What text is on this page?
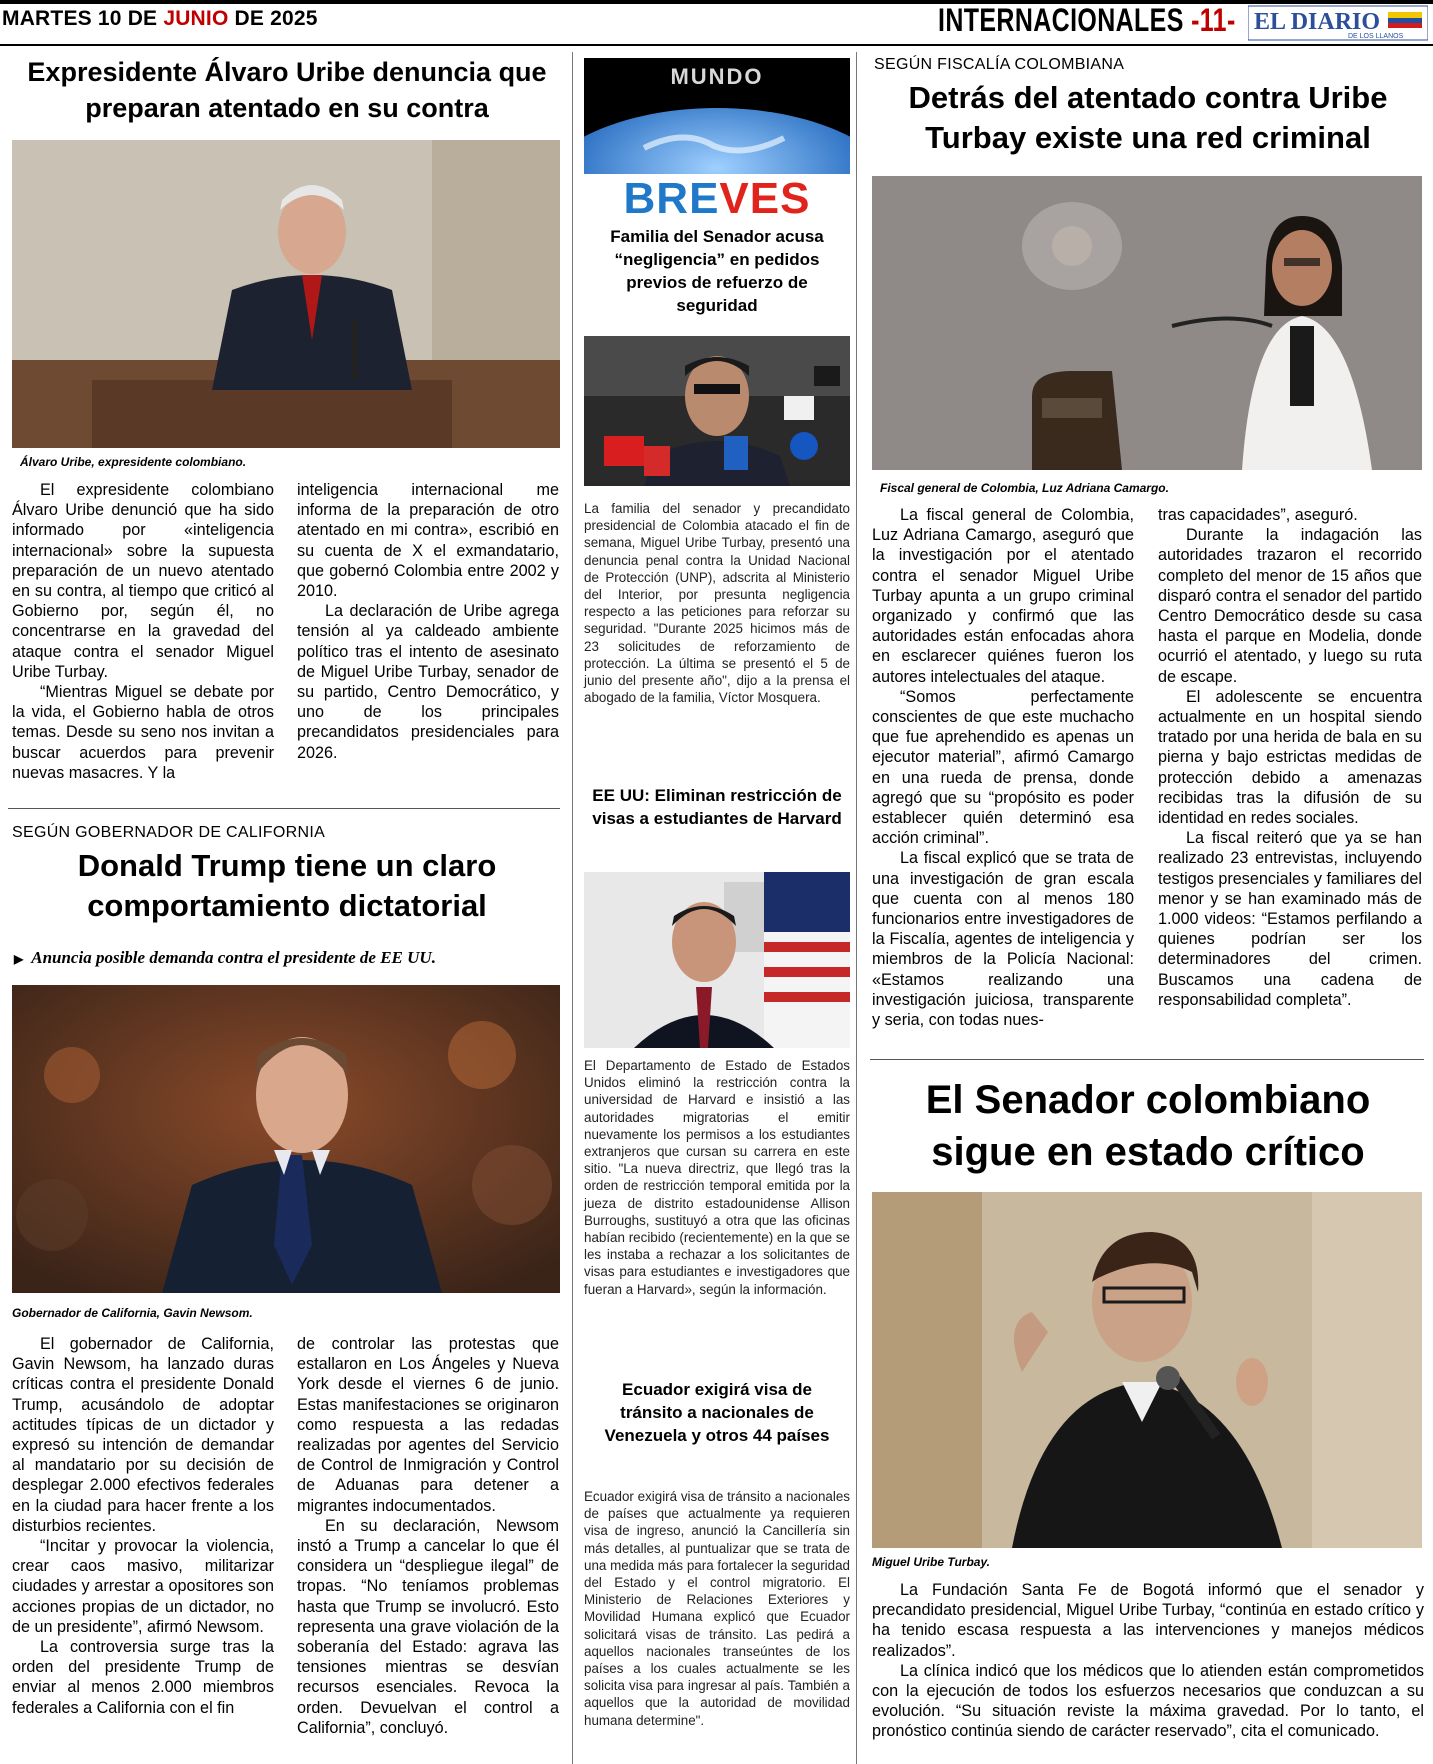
MARTES 10 DE JUNIO DE 2025	INTERNACIONALES -11- EL DIARIO
DE LOS LLANOS
Expresidente Álvaro Uribe denuncia que preparan atentado en su contra
Álvaro Uribe, expresidente colombiano.

El expresidente colombiano Álvaro Uribe denunció que ha sido informado por «inteligencia internacional» sobre la supuesta preparación de un nuevo atentado en su contra, al tiempo que criticó al Gobierno por, según él, no concentrarse en la gravedad del ataque contra el senador Miguel Uribe Turbay.

“Mientras Miguel se debate por la vida, el Gobierno habla de otros temas. Desde su seno nos invitan a buscar acuerdos para prevenir nuevas masacres. Y la

inteligencia internacional me informa de la preparación de otro atentado en mi contra», escribió en su cuenta de X el exmandatario, que gobernó Colombia entre 2002 y 2010.

La declaración de Uribe agrega tensión al ya caldeado ambiente político tras el intento de asesinato de Miguel Uribe Turbay, senador de su partido, Centro Democrático, y uno de los principales precandidatos presidenciales para 2026.

SEGÚN GOBERNADOR DE CALIFORNIA
Donald Trump tiene un claro comportamiento dictatorial
▶ Anuncia posible demanda contra el presidente de EE UU.
Gobernador de California, Gavin Newsom.

El gobernador de California, Gavin Newsom, ha lanzado duras críticas contra el presidente Donald Trump, acusándolo de adoptar actitudes típicas de un dictador y expresó su intención de demandar al mandatario por su decisión de desplegar 2.000 efectivos federales en la ciudad para hacer frente a los disturbios recientes.

“Incitar y provocar la violencia, crear caos masivo, militarizar ciudades y arrestar a opositores son acciones propias de un dictador, no de un presidente”, afirmó Newsom.

La controversia surge tras la orden del presidente Trump de enviar al menos 2.000 miembros federales a California con el fin

de controlar las protestas que estallaron en Los Ángeles y Nueva York desde el viernes 6 de junio. Estas manifestaciones se originaron como respuesta a las redadas realizadas por agentes del Servicio de Control de Inmigración y Control de Aduanas para detener a migrantes indocumentados.

En su declaración, Newsom instó a Trump a cancelar lo que él considera un “despliegue ilegal” de tropas. “No teníamos problemas hasta que Trump se involucró. Esto representa una grave violación de la soberanía del Estado: agrava las tensiones mientras se desvían recursos esenciales. Revoca la orden. Devuelvan el control a California”, concluyó.

MUNDO
BREVES
Familia del Senador acusa “negligencia” en pedidos previos de refuerzo de seguridad

La familia del senador y precandidato presidencial de Colombia atacado el fin de semana, Miguel Uribe Turbay, presentó una denuncia penal contra la Unidad Nacional de Protección (UNP), adscrita al Ministerio del Interior, por presunta negligencia respecto a las peticiones para reforzar su seguridad. "Durante 2025 hicimos más de 23 solicitudes de reforzamiento de protección. La última se presentó el 5 de junio del presente año", dijo a la prensa el abogado de la familia, Víctor Mosquera.

EE UU: Eliminan restricción de visas a estudiantes de Harvard

El Departamento de Estado de Estados Unidos eliminó la restricción contra la universidad de Harvard e insistió a las autoridades migratorias el emitir nuevamente los permisos a los estudiantes extranjeros que cursan su carrera en este sitio. "La nueva directriz, que llegó tras la orden de restricción temporal emitida por la jueza de distrito estadounidense Allison Burroughs, sustituyó a otra que las oficinas habían recibido (recientemente) en la que se les instaba a rechazar a los solicitantes de visas para estudiantes e investigadores que fueran a Harvard», según la información.

Ecuador exigirá visa de tránsito a nacionales de Venezuela y otros 44 países

Ecuador exigirá visa de tránsito a nacionales de países que actualmente ya requieren visa de ingreso, anunció la Cancillería sin más detalles, al puntualizar que se trata de una medida más para fortalecer la seguridad del Estado y el control migratorio. El Ministerio de Relaciones Exteriores y Movilidad Humana explicó que Ecuador solicitará visas de tránsito. Las pedirá a aquellos nacionales transeúntes de los países a los cuales actualmente se les solicita visa para ingresar al país. También a aquellos que la autoridad de movilidad humana determine".

SEGÚN FISCALÍA COLOMBIANA
Detrás del atentado contra Uribe Turbay existe una red criminal
Fiscal general de Colombia, Luz Adriana Camargo.

La fiscal general de Colombia, Luz Adriana Camargo, aseguró que la investigación por el atentado contra el senador Miguel Uribe Turbay apunta a un grupo criminal organizado y confirmó que las autoridades están enfocadas ahora en esclarecer quiénes fueron los autores intelectuales del ataque.

“Somos perfectamente conscientes de que este muchacho que fue aprehendido es apenas un ejecutor material”, afirmó Camargo en una rueda de prensa, donde agregó que su “propósito es poder establecer quién determinó esa acción criminal”.

La fiscal explicó que se trata de una investigación de gran escala que cuenta con al menos 180 funcionarios entre investigadores de la Fiscalía, agentes de inteligencia y miembros de la Policía Nacional: «Estamos realizando una investigación juiciosa, transparente y seria, con todas nues-

tras capacidades”, aseguró.

Durante la indagación las autoridades trazaron el recorrido completo del menor de 15 años que disparó contra el senador del partido Centro Democrático desde su casa hasta el parque en Modelia, donde ocurrió el atentado, y luego su ruta de escape.

El adolescente se encuentra actualmente en un hospital siendo tratado por una herida de bala en su pierna y bajo estrictas medidas de protección debido a amenazas recibidas tras la difusión de su identidad en redes sociales.

La fiscal reiteró que ya se han realizado 23 entrevistas, incluyendo testigos presenciales y familiares del menor y se han examinado más de 1.000 videos: “Estamos perfilando a quienes podrían ser los determinadores del crimen. Buscamos una cadena de responsabilidad completa”.

El Senador colombiano sigue en estado crítico
Miguel Uribe Turbay.

La Fundación Santa Fe de Bogotá informó que el senador y precandidato presidencial, Miguel Uribe Turbay, “continúa en estado crítico y ha tenido escasa respuesta a las intervenciones y manejos médicos realizados”.

La clínica indicó que los médicos que lo atienden están comprometidos con la ejecución de todos los esfuerzos necesarios que conduzcan a su evolución. “Su situación reviste la máxima gravedad. Por lo tanto, el pronóstico continúa siendo de carácter reservado”, cita el comunicado.
